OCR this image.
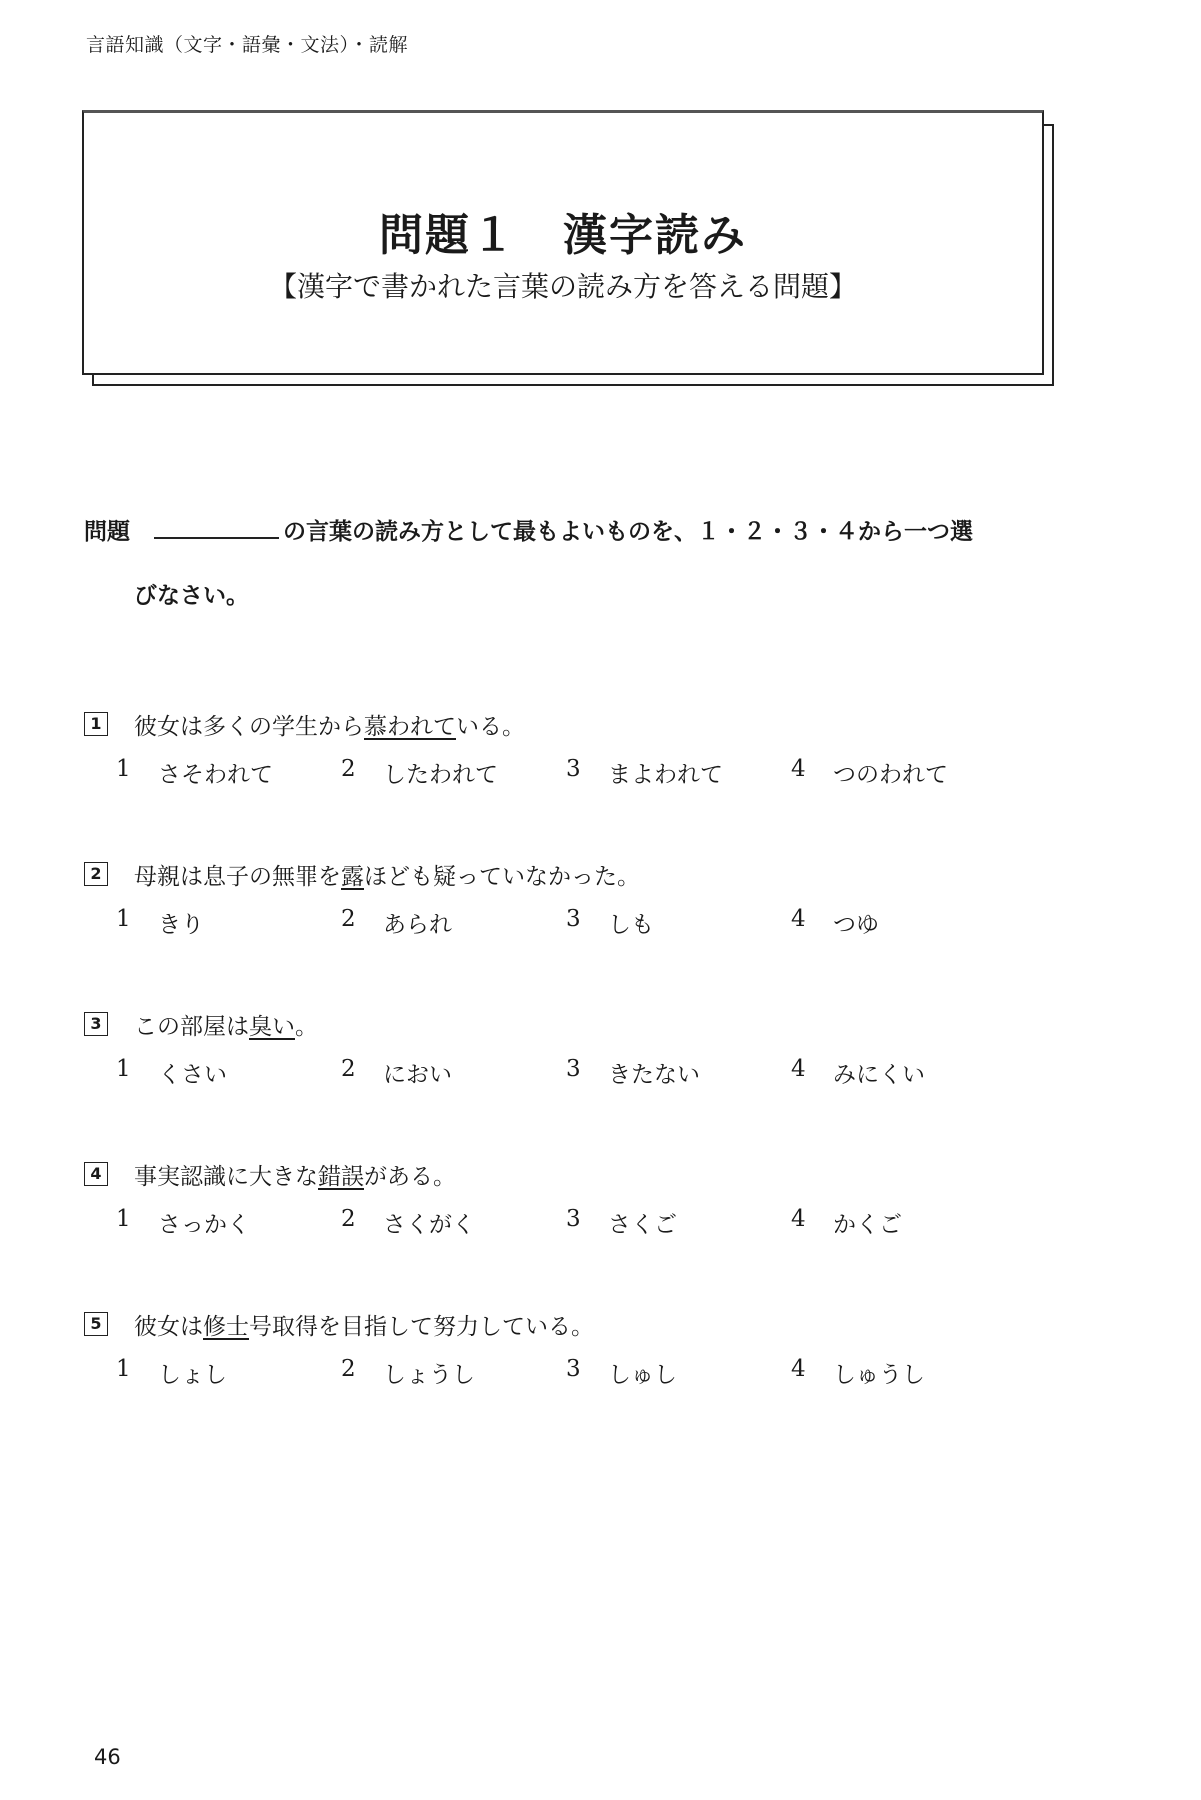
言語知識（文字・語彙・文法）・読解
問題１　漢字読み
【漢字で書かれた言葉の読み方を答える問題】
問題	の言葉の読み方として最もよいものを、１・２・３・４から一つ選
びなさい。
1 彼女は多くの学生から 慕われて いる。
1	さそわれて	2	したわれて	3	まよわれて	4	つのわれて
2 母親は息子の無罪を 露 ほども疑っていなかった。
1	きり	2	あられ	3	しも	4	つゆ
3 この部屋は 臭い 。
1	くさい	2	におい	3	きたない	4	みにくい
4 事実認識に大きな 錯誤 がある。
1	さっかく	2	さくがく	3	さくご	4	かくご
5 彼女は 修士 号取得を目指して努力している。
1	しょし	2	しょうし	3	しゅし	4	しゅうし
46
